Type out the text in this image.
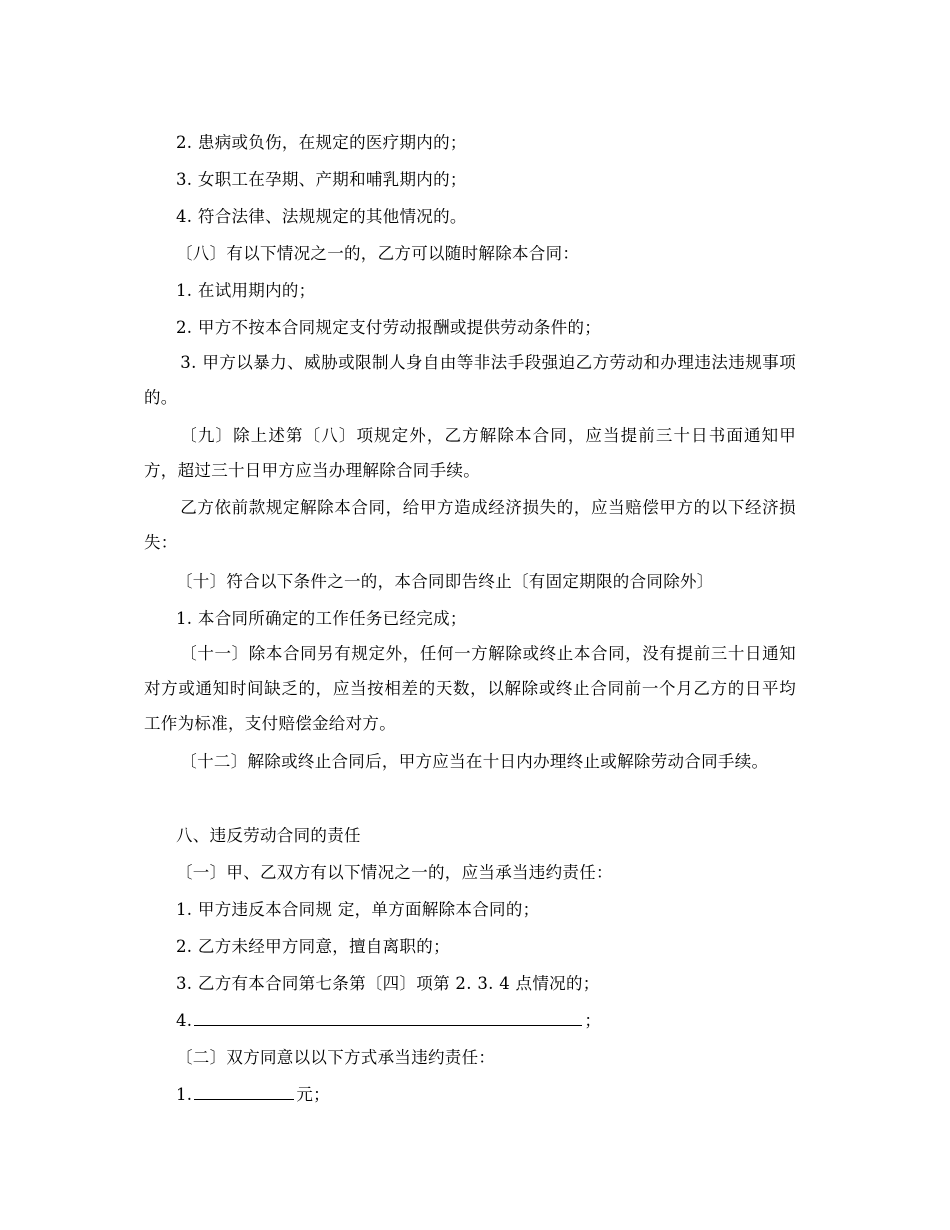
2. 患病或负伤，在规定的医疗期内的；
3. 女职工在孕期、产期和哺乳期内的；
4. 符合法律、法规规定的其他情况的。
〔八〕有以下情况之一的，乙方可以随时解除本合同：
1. 在试用期内的；
2. 甲方不按本合同规定支付劳动报酬或提供劳动条件的；
3. 甲方以暴力、威胁或限制人身自由等非法手段强迫乙方劳动和办理违法违规事项的。
〔九〕除上述第〔八〕项规定外，乙方解除本合同，应当提前三十日书面通知甲方，超过三十日甲方应当办理解除合同手续。
乙方依前款规定解除本合同，给甲方造成经济损失的，应当赔偿甲方的以下经济损失：
〔十〕符合以下条件之一的，本合同即告终止〔有固定期限的合同除外〕
1. 本合同所确定的工作任务已经完成；
〔十一〕除本合同另有规定外，任何一方解除或终止本合同，没有提前三十日通知对方或通知时间缺乏的，应当按相差的天数，以解除或终止合同前一个月乙方的日平均工作为标准，支付赔偿金给对方。
〔十二〕解除或终止合同后，甲方应当在十日内办理终止或解除劳动合同手续。
八、违反劳动合同的责任
〔一〕甲、乙双方有以下情况之一的，应当承当违约责任：
1. 甲方违反本合同规 定，单方面解除本合同的；
2. 乙方未经甲方同意，擅自离职的；
3. 乙方有本合同第七条第〔四〕项第 2. 3. 4 点情况的；
4.	；
〔二〕双方同意以以下方式承当违约责任：
1.	元；
